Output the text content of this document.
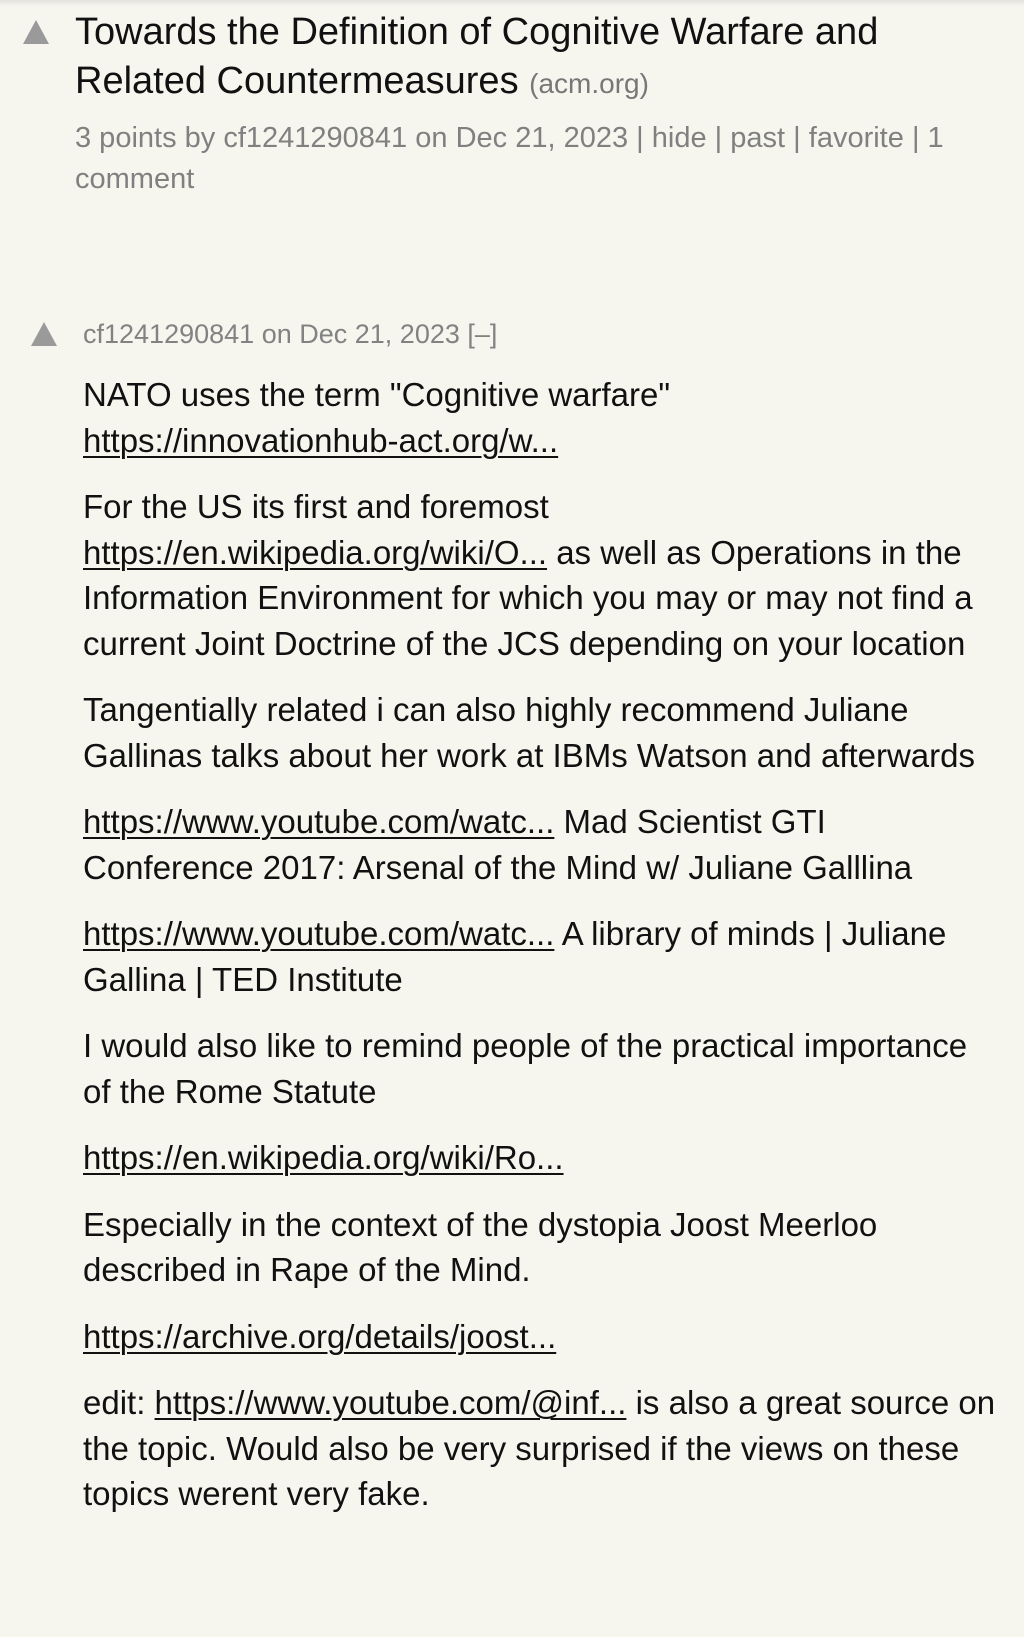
Towards the Definition of Cognitive Warfare and Related Countermeasures (acm.org)
3 points by cf1241290841 on Dec 21, 2023 | hide | past | favorite | 1 comment
cf1241290841 on Dec 21, 2023 [–]

NATO uses the term "Cognitive warfare"
https://innovationhub-act.org/w...

For the US its first and foremost
https://en.wikipedia.org/wiki/O... as well as Operations in the Information Environment for which you may or may not find a current Joint Doctrine of the JCS depending on your location

Tangentially related i can also highly recommend Juliane Gallinas talks about her work at IBMs Watson and afterwards

https://www.youtube.com/watc... Mad Scientist GTI Conference 2017: Arsenal of the Mind w/ Juliane Galllina

https://www.youtube.com/watc... A library of minds | Juliane Gallina | TED Institute

I would also like to remind people of the practical importance of the Rome Statute

https://en.wikipedia.org/wiki/Ro...

Especially in the context of the dystopia Joost Meerloo described in Rape of the Mind.

https://archive.org/details/joost...

edit: https://www.youtube.com/@inf... is also a great source on the topic. Would also be very surprised if the views on these topics werent very fake.
